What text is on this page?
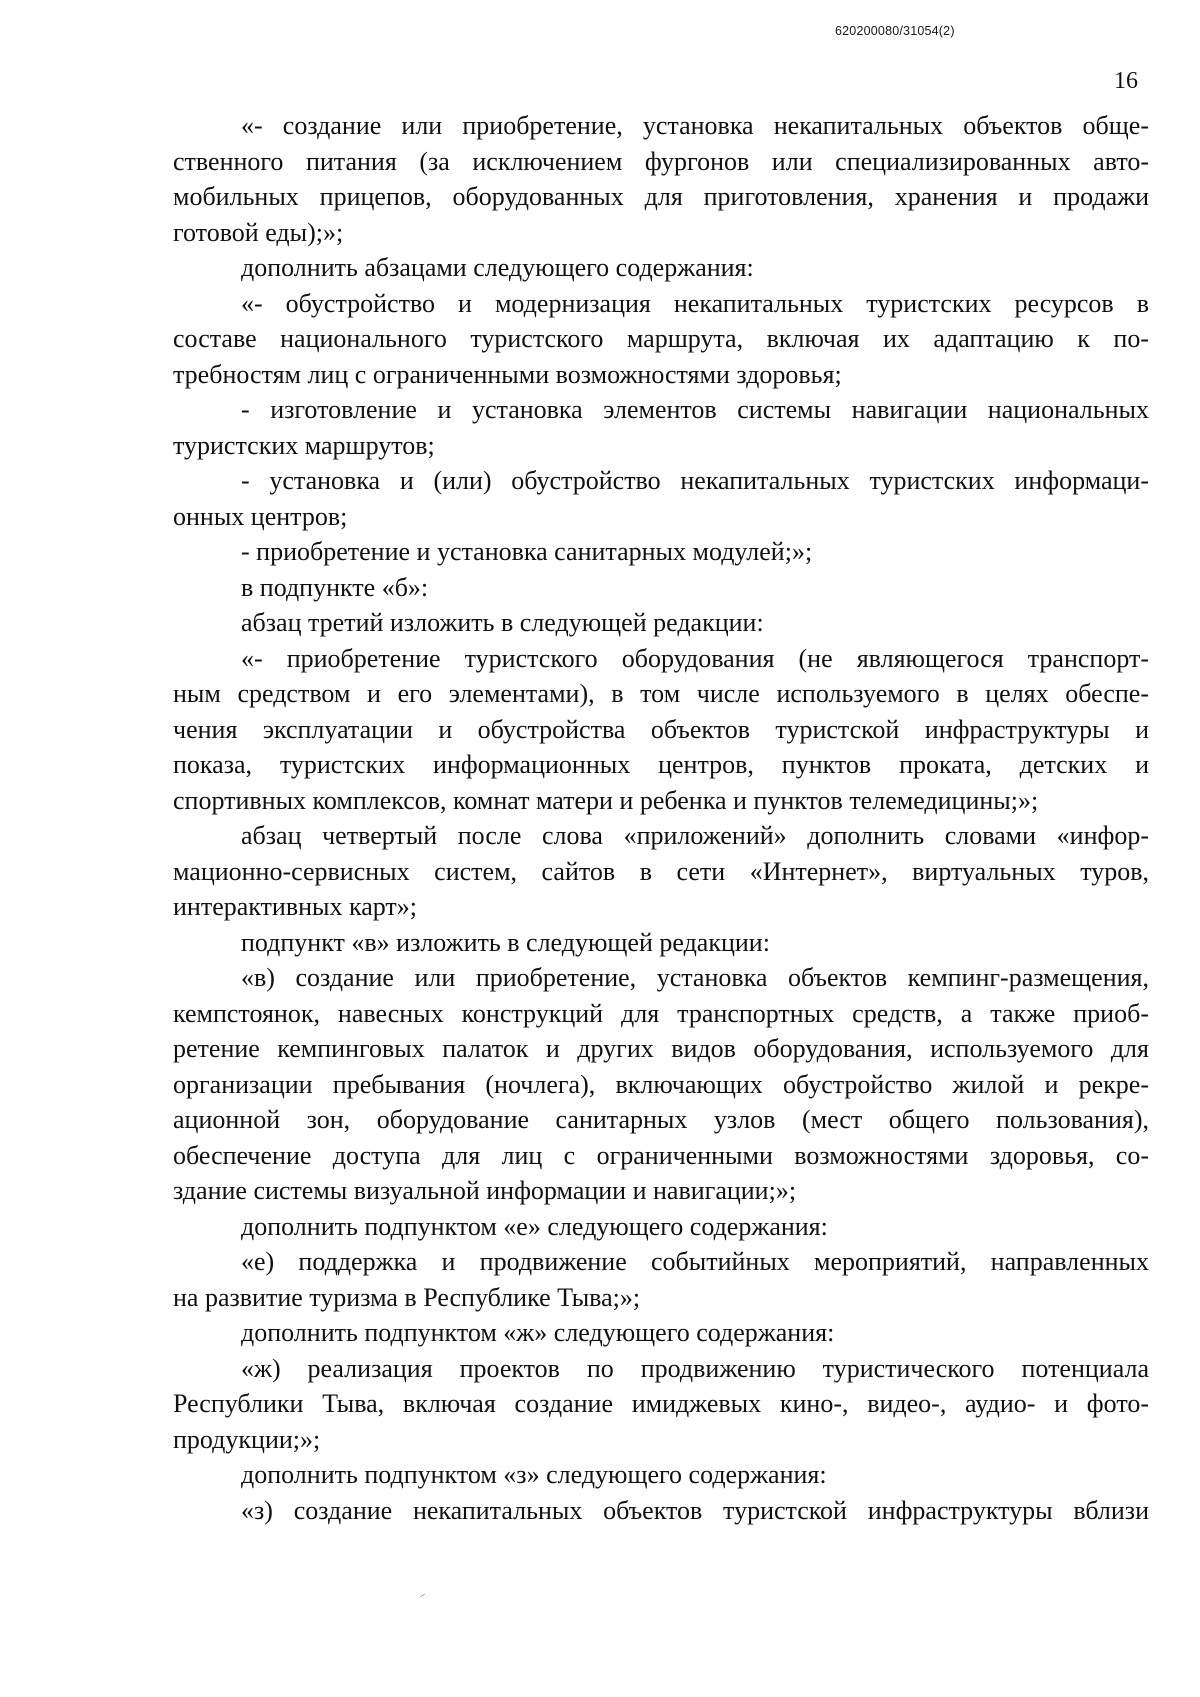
620200080/31054(2)
16
«- создание или приобретение, установка некапитальных объектов обще-
ственного питания (за исключением фургонов или специализированных авто-
мобильных прицепов, оборудованных для приготовления, хранения и продажи
готовой еды);»;
дополнить абзацами следующего содержания:
«- обустройство и модернизация некапитальных туристских ресурсов в
составе национального туристского маршрута, включая их адаптацию к по-
требностям лиц с ограниченными возможностями здоровья;
- изготовление и установка элементов системы навигации национальных
туристских маршрутов;
- установка и (или) обустройство некапитальных туристских информаци-
онных центров;
- приобретение и установка санитарных модулей;»;
в подпункте «б»:
абзац третий изложить в следующей редакции:
«- приобретение туристского оборудования (не являющегося транспорт-
ным средством и его элементами), в том числе используемого в целях обеспе-
чения эксплуатации и обустройства объектов туристской инфраструктуры и
показа, туристских информационных центров, пунктов проката, детских и
спортивных комплексов, комнат матери и ребенка и пунктов телемедицины;»;
абзац четвертый после слова «приложений» дополнить словами «инфор-
мационно-сервисных систем, сайтов в сети «Интернет», виртуальных туров,
интерактивных карт»;
подпункт «в» изложить в следующей редакции:
«в) создание или приобретение, установка объектов кемпинг-размещения,
кемпстоянок, навесных конструкций для транспортных средств, а также приоб-
ретение кемпинговых палаток и других видов оборудования, используемого для
организации пребывания (ночлега), включающих обустройство жилой и рекре-
ационной зон, оборудование санитарных узлов (мест общего пользования),
обеспечение доступа для лиц с ограниченными возможностями здоровья, со-
здание системы визуальной информации и навигации;»;
дополнить подпунктом «е» следующего содержания:
«е) поддержка и продвижение событийных мероприятий, направленных
на развитие туризма в Республике Тыва;»;
дополнить подпунктом «ж» следующего содержания:
«ж) реализация проектов по продвижению туристического потенциала
Республики Тыва, включая создание имиджевых кино-, видео-, аудио- и фото-
продукции;»;
дополнить подпунктом «з» следующего содержания:
«з) создание некапитальных объектов туристской инфраструктуры вблизи
